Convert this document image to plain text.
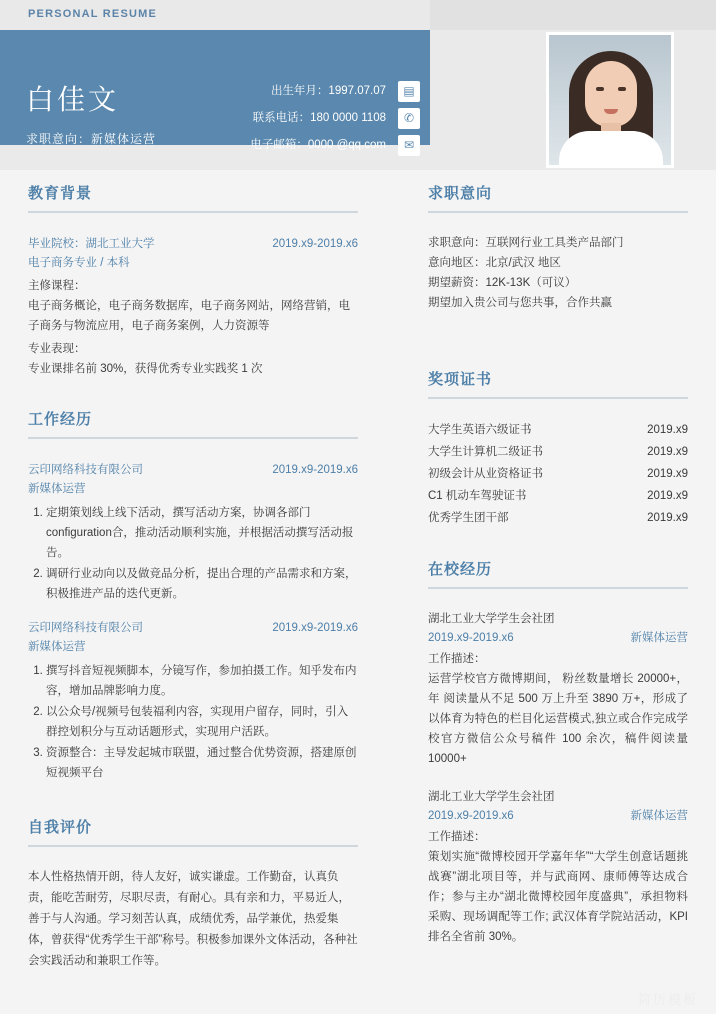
PERSONAL RESUME
白佳文
求职意向：新媒体运营
出生年月：1997.07.07	▤
联系电话：180 0000 1108	✆
电子邮箱：0000 @qq.com	✉
教育背景
毕业院校：湖北工业大学	2019.x9-2019.x6
电子商务专业 / 本科
主修课程：
电子商务概论，电子商务数据库，电子商务网站，网络营销，电子商务与物流应用，电子商务案例，人力资源等
专业表现：
专业课排名前 30%，获得优秀专业实践奖 1 次
工作经历
云印网络科技有限公司	2019.x9-2019.x6
新媒体运营
1. 定期策划线上线下活动，撰写活动方案，协调各部门configuration合，推动活动顺利实施，并根据活动撰写活动报告。
2. 调研行业动向以及做竞品分析，提出合理的产品需求和方案，积极推进产品的迭代更新。
云印网络科技有限公司	2019.x9-2019.x6
新媒体运营
1. 撰写抖音短视频脚本，分镜写作，参加拍摄工作。知乎发布内容，增加品牌影响力度。
2. 以公众号/视频号包装福利内容，实现用户留存，同时，引入群控划积分与互动话题形式，实现用户活跃。
3. 资源整合：主导发起城市联盟，通过整合优势资源，搭建原创短视频平台
自我评价
本人性格热情开朗，待人友好，诚实谦虚。工作勤奋，认真负责，能吃苦耐劳，尽职尽责，有耐心。具有亲和力，平易近人，善于与人沟通。学习刻苦认真，成绩优秀，品学兼优，热爱集体，曾获得“优秀学生干部”称号。积极参加课外文体活动，各种社会实践活动和兼职工作等。
求职意向
求职意向：互联网行业工具类产品部门
意向地区：北京/武汉 地区
期望薪资：12K-13K（可议）
期望加入贵公司与您共事，合作共赢
奖项证书
大学生英语六级证书	2019.x9
大学生计算机二级证书	2019.x9
初级会计从业资格证书	2019.x9
C1 机动车驾驶证书	2019.x9
优秀学生团干部	2019.x9
在校经历
湖北工业大学学生会社团
2019.x9-2019.x6	新媒体运营
工作描述：
运营学校官方微博期间， 粉丝数量增长 20000+，年 阅读量从不足 500 万上升至 3890 万+，形成了以体育为特色的栏目化运营模式,独立或合作完成学校官方微信公众号稿件 100 余次，稿件阅读量 10000+
湖北工业大学学生会社团
2019.x9-2019.x6	新媒体运营
工作描述：
策划实施“微博校园开学嘉年华”“大学生创意话题挑战赛”湖北项目等，并与武商网、康师傅等达成合作；参与主办“湖北微博校园年度盛典”，承担物料采购、现场调配等工作; 武汉体育学院站活动，KPI 排名全省前 30%。
简历模板
